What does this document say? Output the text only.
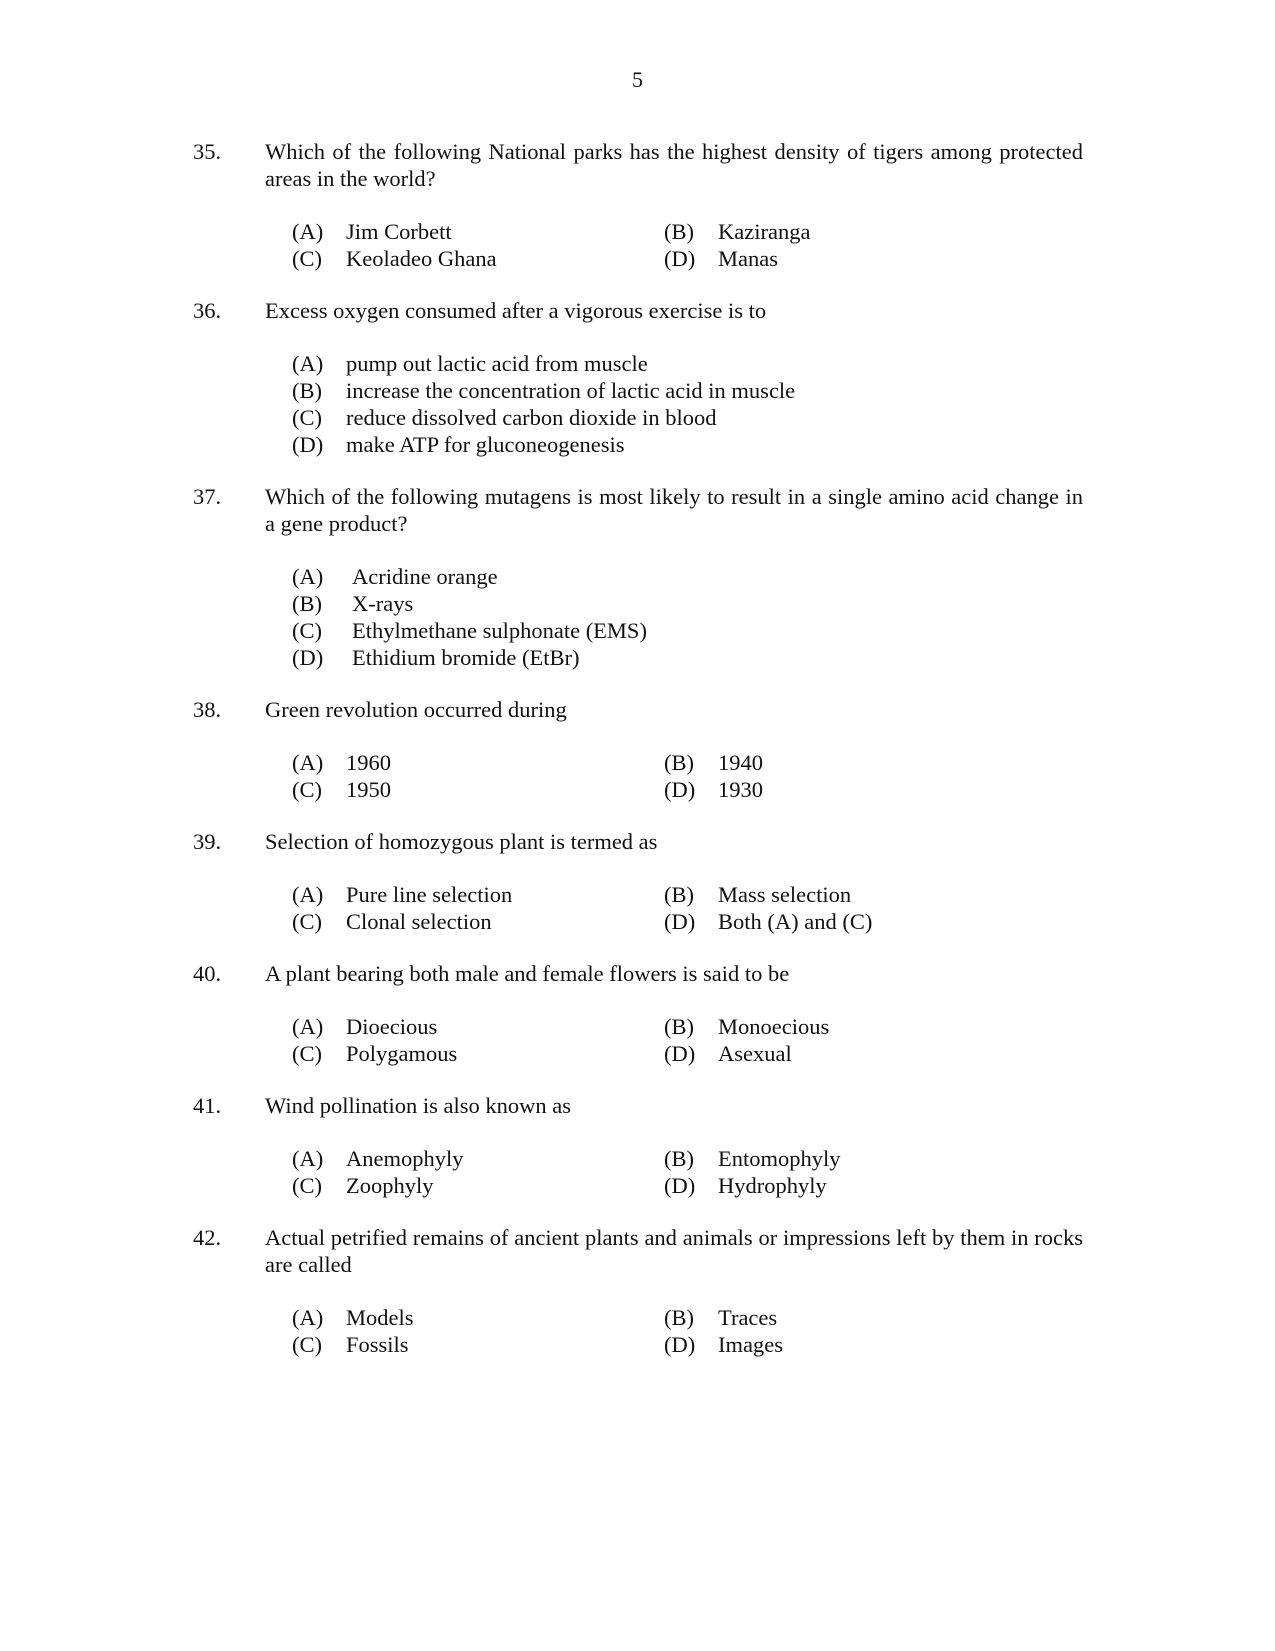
5
35.	Which of the following National parks has the highest density of tigers among protected areas in the world?
(A)	Jim Corbett	(B)	Kaziranga
(C)	Keoladeo Ghana	(D)	Manas
36.	Excess oxygen consumed after a vigorous exercise is to
(A)	pump out lactic acid from muscle
(B)	increase the concentration of lactic acid in muscle
(C)	reduce dissolved carbon dioxide in blood
(D)	make ATP for gluconeogenesis
37.	Which of the following mutagens is most likely to result in a single amino acid change in a gene product?
(A)	Acridine orange
(B)	X-rays
(C)	Ethylmethane sulphonate (EMS)
(D)	Ethidium bromide (EtBr)
38.	Green revolution occurred during
(A)	1960	(B)	1940
(C)	1950	(D)	1930
39.	Selection of homozygous plant is termed as
(A)	Pure line selection	(B)	Mass selection
(C)	Clonal selection	(D)	Both (A) and (C)
40.	A plant bearing both male and female flowers is said to be
(A)	Dioecious	(B)	Monoecious
(C)	Polygamous	(D)	Asexual
41.	Wind pollination is also known as
(A)	Anemophyly	(B)	Entomophyly
(C)	Zoophyly	(D)	Hydrophyly
42.	Actual petrified remains of ancient plants and animals or impressions left by them in rocks are called
(A)	Models	(B)	Traces
(C)	Fossils	(D)	Images
